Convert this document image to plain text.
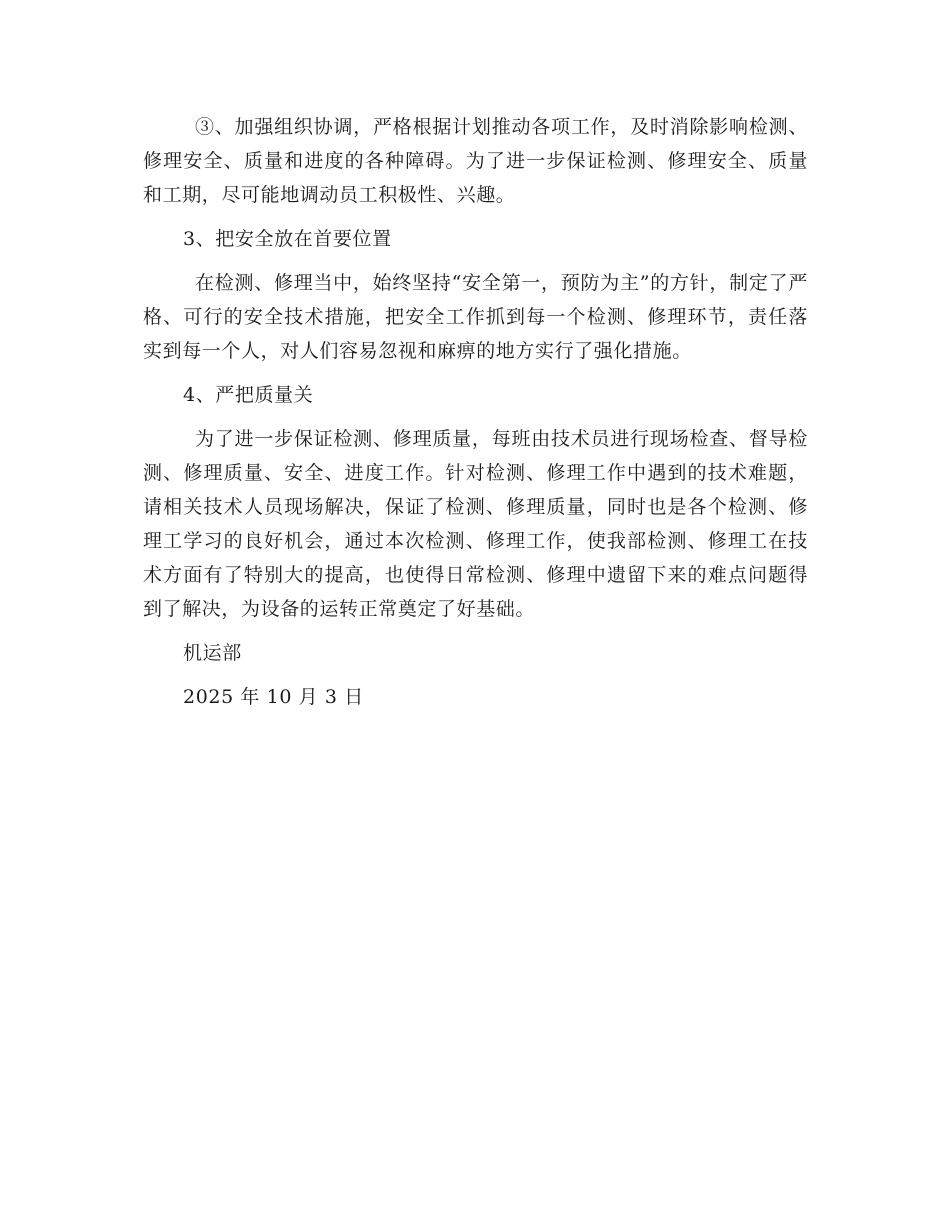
③、加强组织协调，严格根据计划推动各项工作，及时消除影响检测、修理安全、质量和进度的各种障碍。为了进一步保证检测、修理安全、质量和工期，尽可能地调动员工积极性、兴趣。

3、把安全放在首要位置

在检测、修理当中，始终坚持“安全第一，预防为主”的方针，制定了严格、可行的安全技术措施，把安全工作抓到每一个检测、修理环节，责任落实到每一个人，对人们容易忽视和麻痹的地方实行了强化措施。

4、严把质量关

为了进一步保证检测、修理质量，每班由技术员进行现场检查、督导检测、修理质量、安全、进度工作。针对检测、修理工作中遇到的技术难题，请相关技术人员现场解决，保证了检测、修理质量，同时也是各个检测、修理工学习的良好机会，通过本次检测、修理工作，使我部检测、修理工在技术方面有了特别大的提高，也使得日常检测、修理中遗留下来的难点问题得到了解决，为设备的运转正常奠定了好基础。

机运部

2025 年 10 月 3 日
